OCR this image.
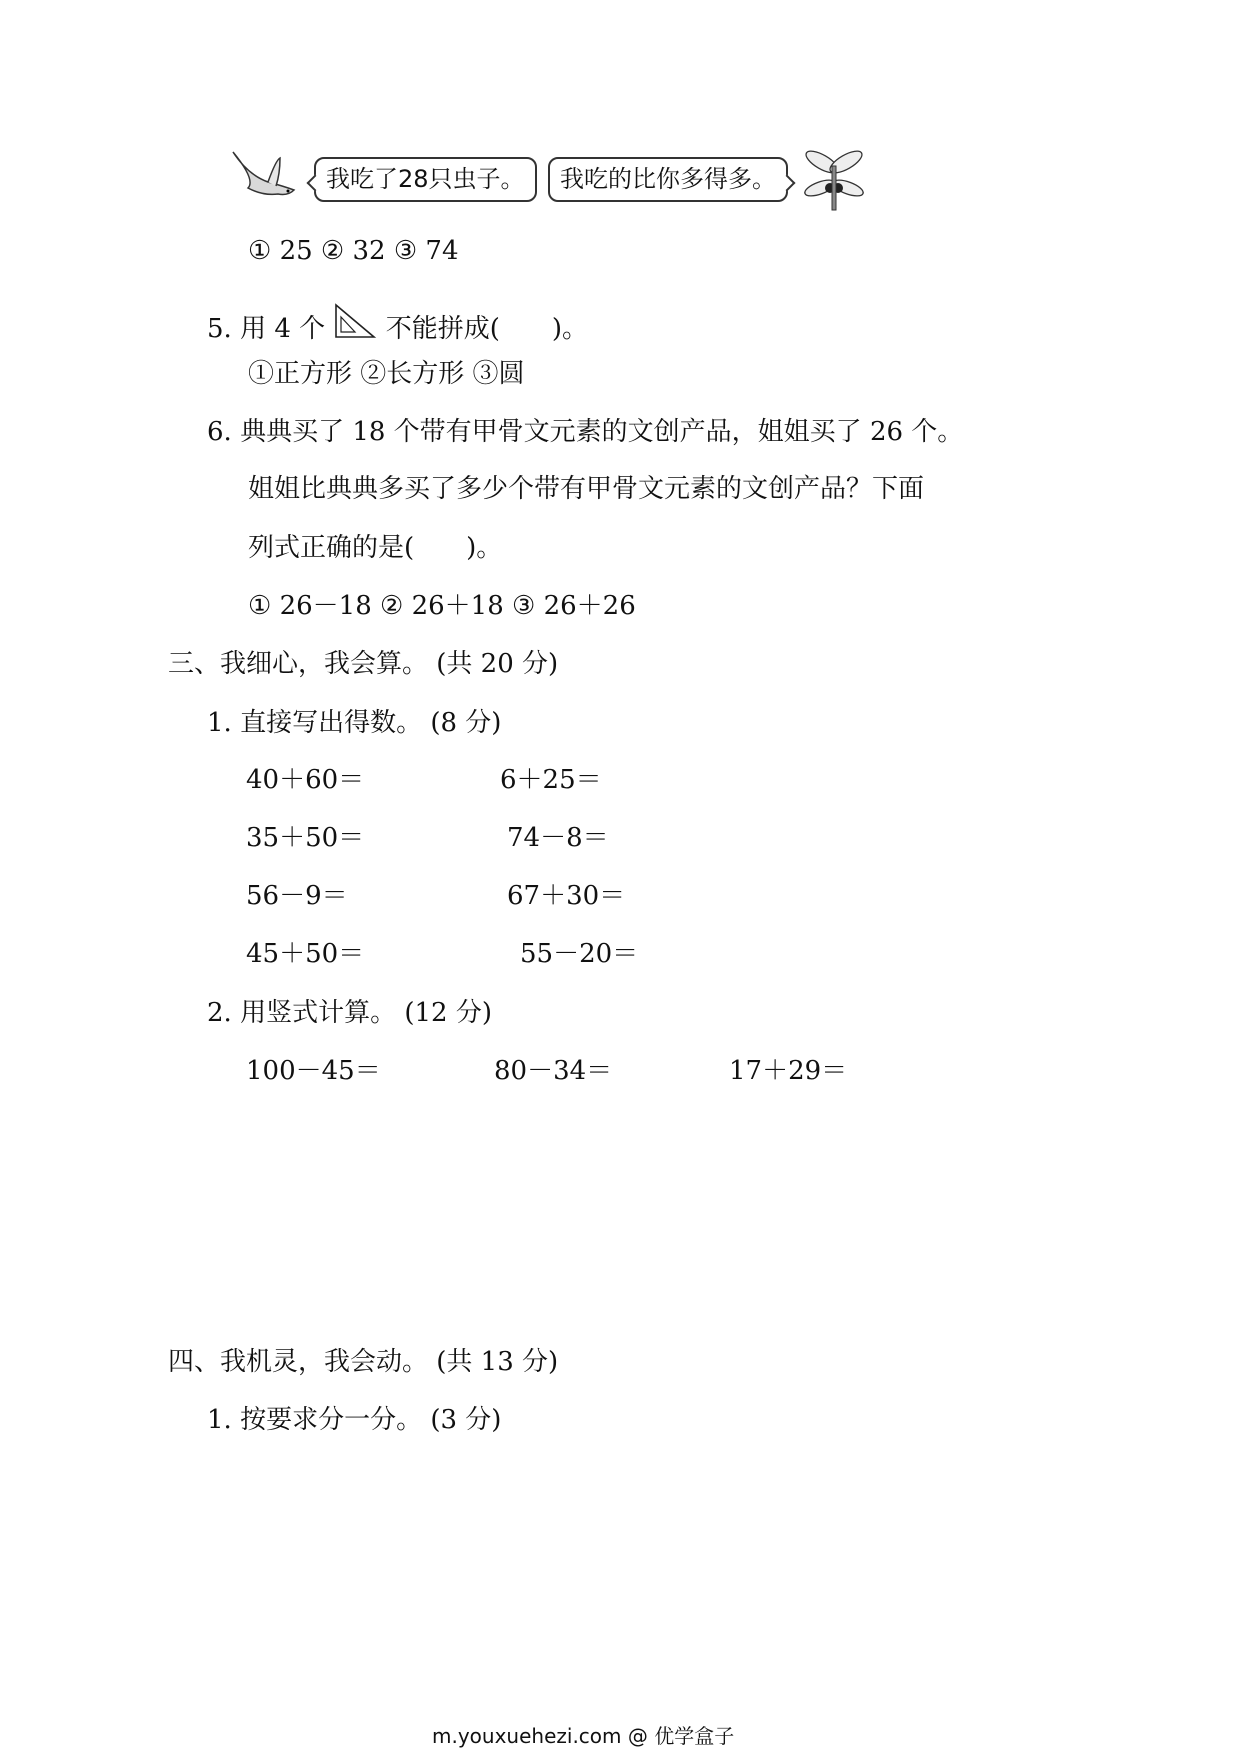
我吃了28只虫子。	我吃的比你多得多。
① 25 ② 32 ③ 74
5. 用 4 个 不能拼成(　　)。
①正方形 ②长方形 ③圆
6. 典典买了 18 个带有甲骨文元素的文创产品，姐姐买了 26 个。
姐姐比典典多买了多少个带有甲骨文元素的文创产品？下面
列式正确的是(　　)。
① 26－18 ② 26＋18 ③ 26＋26
三、我细心，我会算。 (共 20 分)
1. 直接写出得数。 (8 分)
40＋60＝	6＋25＝
35＋50＝	74－8＝
56－9＝	67＋30＝
45＋50＝	55－20＝
2. 用竖式计算。 (12 分)
100－45＝	80－34＝	17＋29＝
四、我机灵，我会动。 (共 13 分)
1. 按要求分一分。 (3 分)
m.youxuehezi.com @ 优学盒子
